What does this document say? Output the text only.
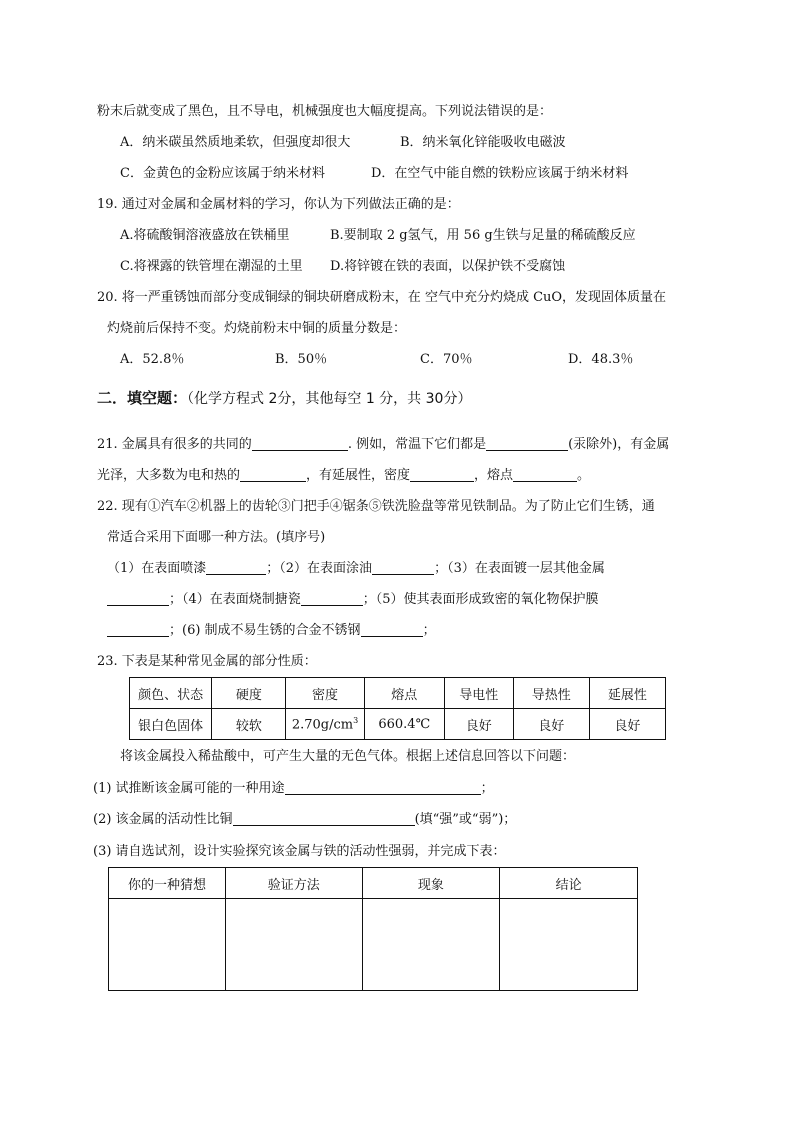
粉末后就变成了黑色，且不导电，机械强度也大幅度提高。下列说法错误的是：
A．纳米碳虽然质地柔软，但强度却很大	B．纳米氧化锌能吸收电磁波
C．金黄色的金粉应该属于纳米材料	D．在空气中能自燃的铁粉应该属于纳米材料
19. 通过对金属和金属材料的学习，你认为下列做法正确的是：
A.将硫酸铜溶液盛放在铁桶里	B.要制取 2 g氢气，用 56 g生铁与足量的稀硫酸反应
C.将裸露的铁管埋在潮湿的土里 D.将锌镀在铁的表面，以保护铁不受腐蚀
20. 将一严重锈蚀而部分变成铜绿的铜块研磨成粉末，在 空气中充分灼烧成 CuO，发现固体质量在
灼烧前后保持不变。灼烧前粉末中铜的质量分数是：
A．52.8％	B．50％	C．70％	D．48.3％
二．填空题：（化学方程式 2分，其他每空 1 分，共 30分）
21. 金属具有很多的共同的	. 例如，常温下它们都是	(汞除外)，有金属
光泽，大多数为电和热的	，有延展性，密度	，熔点	。
22. 现有①汽车②机器上的齿轮③门把手④锯条⑤铁洗脸盘等常见铁制品。为了防止它们生锈，通
常适合采用下面哪一种方法。(填序号)
（1）在表面喷漆	；（2）在表面涂油	；（3）在表面镀一层其他金属
；（4）在表面烧制搪瓷	；（5）使其表面形成致密的氧化物保护膜
；(6) 制成不易生锈的合金不锈钢	；
23. 下表是某种常见金属的部分性质：
颜色、状态	硬度	密度	熔点	导电性	导热性	延展性
银白色固体	较软	$2.70g/cm^3$	660.4℃	良好	良好	良好
将该金属投入稀盐酸中，可产生大量的无色气体。根据上述信息回答以下问题：
(1) 试推断该金属可能的一种用途	；
(2) 该金属的活动性比铜	(填“强”或“弱”)；
(3) 请自选试剂，设计实验探究该金属与铁的活动性强弱，并完成下表：
你的一种猜想	验证方法	现象	结论
